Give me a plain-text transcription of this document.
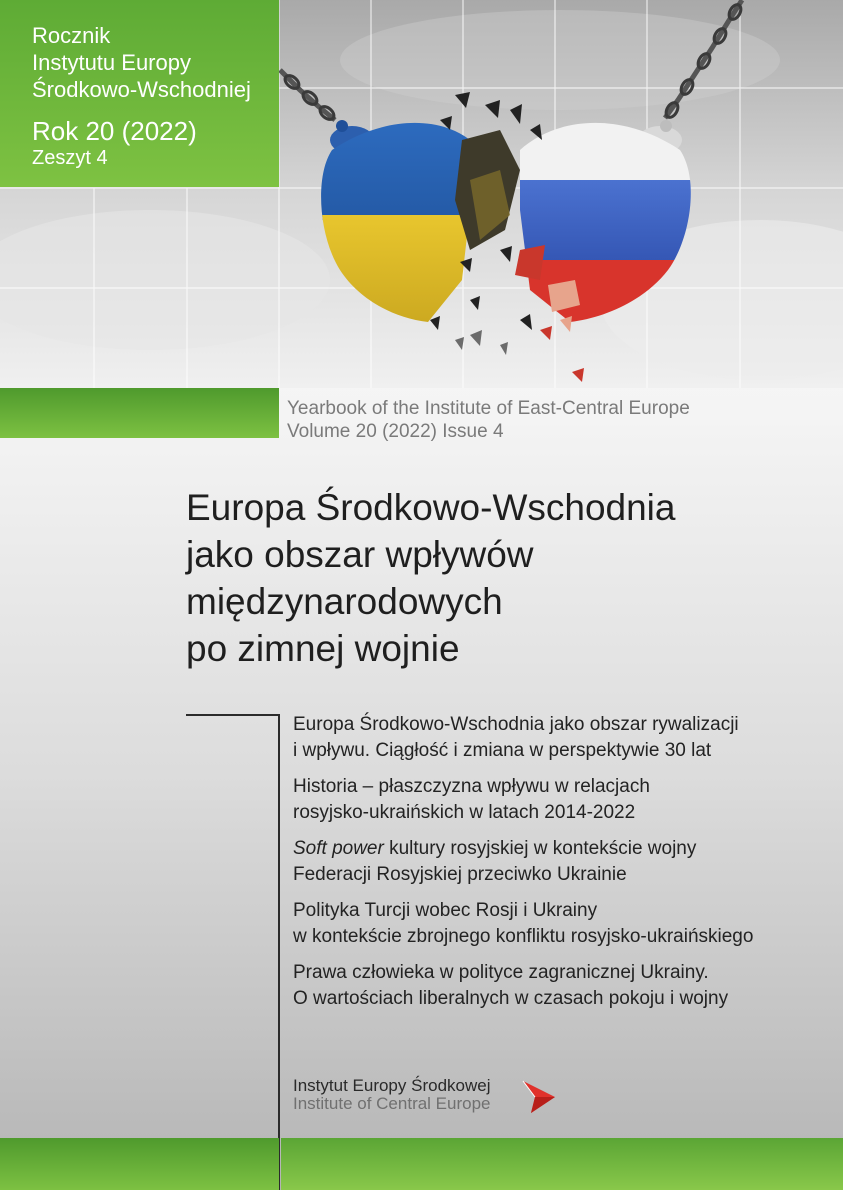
Rocznik
Instytutu Europy
Środkowo-Wschodniej
Rok 20 (2022)
Zeszyt 4
Yearbook of the Institute of East-Central Europe
Volume 20 (2022) Issue 4
Europa Środkowo-Wschodnia
jako obszar wpływów
międzynarodowych
po zimnej wojnie
Europa Środkowo-Wschodnia jako obszar rywalizacji
i wpływu. Ciągłość i zmiana w perspektywie 30 lat
Historia – płaszczyzna wpływu w relacjach
rosyjsko-ukraińskich w latach 2014-2022
Soft power kultury rosyjskiej w kontekście wojny
Federacji Rosyjskiej przeciwko Ukrainie
Polityka Turcji wobec Rosji i Ukrainy
w kontekście zbrojnego konfliktu rosyjsko-ukraińskiego
Prawa człowieka w polityce zagranicznej Ukrainy.
O wartościach liberalnych w czasach pokoju i wojny
Instytut Europy Środkowej
Institute of Central Europe
